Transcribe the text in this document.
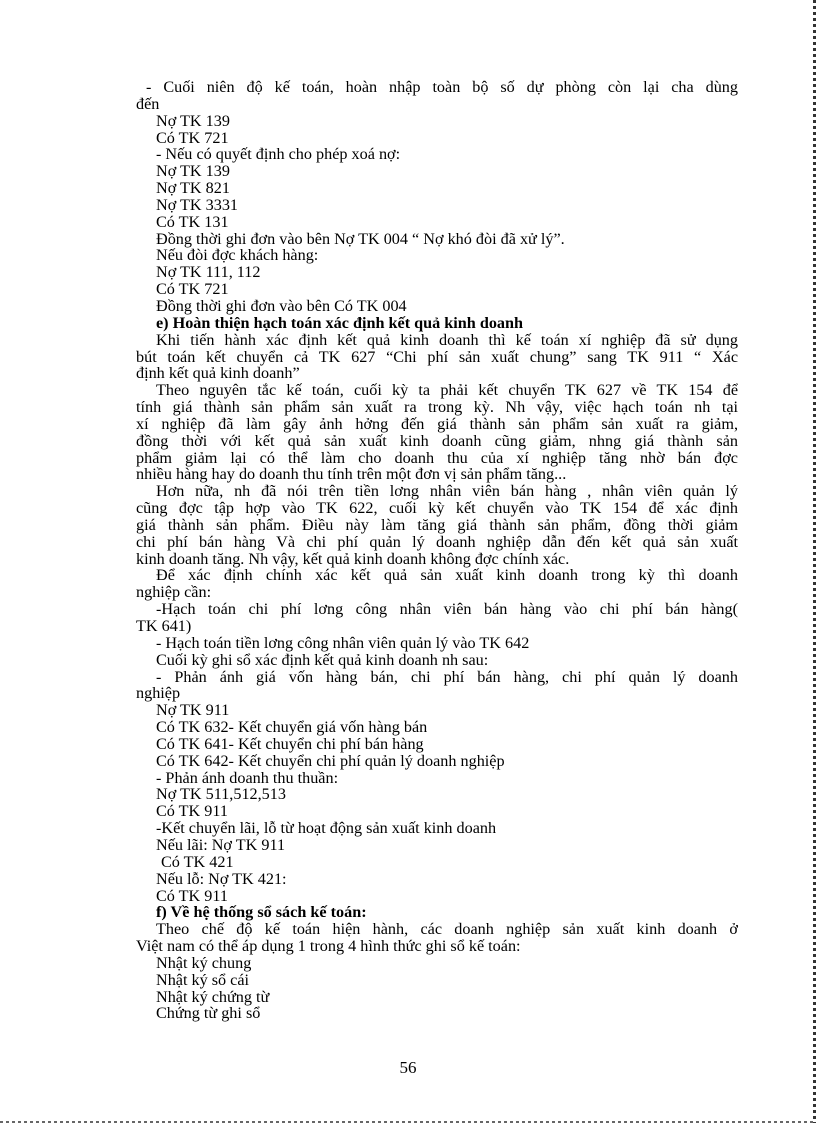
- Cuối niên độ kế toán, hoàn nhập toàn bộ số dự phòng còn lại cha dùng
đến
Nợ TK 139
Có TK 721
- Nếu có quyết định cho phép xoá nợ:
Nợ TK 139
Nợ TK 821
Nợ TK 3331
Có TK 131
Đồng thời ghi đơn vào bên Nợ TK 004 “ Nợ khó đòi đã xử lý”.
Nếu đòi đợc khách hàng:
Nợ TK 111, 112
Có TK 721
Đồng thời ghi đơn vào bên Có TK 004
e) Hoàn thiện hạch toán xác định kết quả kinh doanh
Khi tiến hành xác định kết quả kinh doanh thì kế toán xí nghiệp đã sử dụng
bút toán kết chuyển cả TK 627 “Chi phí sản xuất chung” sang TK 911 “ Xác
định kết quả kinh doanh”
Theo nguyên tắc kế toán, cuối kỳ ta phải kết chuyển TK 627 về TK 154 để
tính giá thành sản phẩm sản xuất ra trong kỳ. Nh vậy, việc hạch toán nh tại
xí nghiệp đã làm gây ảnh hởng đến giá thành sản phẩm sản xuất ra giảm,
đồng thời với kết quả sản xuất kinh doanh cũng giảm, nhng giá thành sản
phẩm giảm lại có thể làm cho doanh thu của xí nghiệp tăng nhờ bán đợc
nhiều hàng hay do doanh thu tính trên một đơn vị sản phẩm tăng...
Hơn nữa, nh đã nói trên tiền lơng nhân viên bán hàng , nhân viên quản lý
cũng đợc tập hợp vào TK 622, cuối kỳ kết chuyển vào TK 154 để xác định
giá thành sản phẩm. Điều này làm tăng giá thành sản phẩm, đồng thời giảm
chi phí bán hàng Và chi phí quản lý doanh nghiệp dẫn đến kết quả sản xuất
kinh doanh tăng. Nh vậy, kết quả kinh doanh không đợc chính xác.
Để xác định chính xác kết quả sản xuất kinh doanh trong kỳ thì doanh
nghiệp cần:
-Hạch toán chi phí lơng công nhân viên bán hàng vào chi phí bán hàng(
TK 641)
- Hạch toán tiền lơng công nhân viên quản lý vào TK 642
Cuối kỳ ghi sổ xác định kết quả kinh doanh nh sau:
- Phản ánh giá vốn hàng bán, chi phí bán hàng, chi phí quản lý doanh
nghiệp
Nợ TK 911
Có TK 632- Kết chuyển giá vốn hàng bán
Có TK 641- Kết chuyển chi phí bán hàng
Có TK 642- Kết chuyển chi phí quản lý doanh nghiệp
- Phản ánh doanh thu thuần:
Nợ TK 511,512,513
Có TK 911
-Kết chuyển lãi, lỗ từ hoạt động sản xuất kinh doanh
Nếu lãi: Nợ TK 911
Có TK 421
Nếu lỗ: Nợ TK 421:
Có TK 911
f) Về hệ thống sổ sách kế toán:
Theo chế độ kế toán hiện hành, các doanh nghiệp sản xuất kinh doanh ở
Việt nam có thể áp dụng 1 trong 4 hình thức ghi sổ kế toán:
Nhật ký chung
Nhật ký sổ cái
Nhật ký chứng từ
Chứng từ ghi sổ
56
